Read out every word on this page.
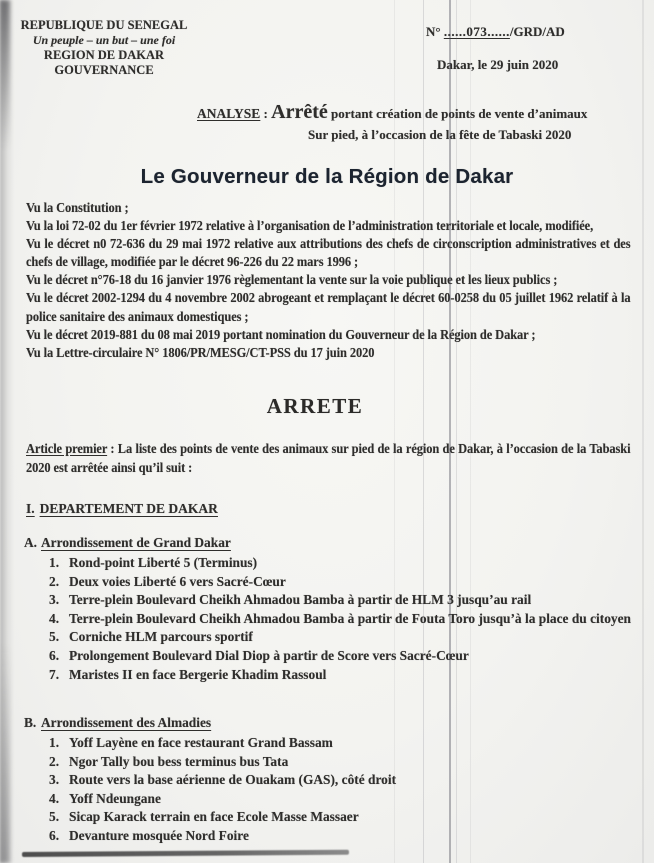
REPUBLIQUE DU SENEGAL
Un peuple – un but – une foi
REGION DE DAKAR
GOUVERNANCE
N° ......073....../GRD/AD
Dakar, le 29 juin 2020
ANALYSE : Arrêté portant création de points de vente d’animaux
Sur pied, à l’occasion de la fête de Tabaski 2020
Le Gouverneur de la Région de Dakar

Vu la Constitution ;

Vu la loi 72-02 du 1er février 1972 relative à l’organisation de l’administration territoriale et locale, modifiée,

Vu le décret n0 72-636 du 29 mai 1972 relative aux attributions des chefs de circonscription administratives et des chefs de village, modifiée par le décret 96-226 du 22 mars 1996 ;

Vu le décret n°76-18 du 16 janvier 1976 règlementant la vente sur la voie publique et les lieux publics ;

Vu le décret 2002-1294 du 4 novembre 2002 abrogeant et remplaçant le décret 60-0258 du 05 juillet 1962 relatif à la police sanitaire des animaux domestiques ;

Vu le décret 2019-881 du 08 mai 2019 portant nomination du Gouverneur de la Région de Dakar ;

Vu la Lettre-circulaire N° 1806/PR/MESG/CT-PSS du 17 juin 2020

ARRETE

Article premier : La liste des points de vente des animaux sur pied de la région de Dakar, à l’occasion de la Tabaski 2020 est arrêtée ainsi qu’il suit :

I. DEPARTEMENT DE DAKAR
A. Arrondissement de Grand Dakar
Rond-point Liberté 5 (Terminus)
Deux voies Liberté 6 vers Sacré-Cœur
Terre-plein Boulevard Cheikh Ahmadou Bamba à partir de HLM 3 jusqu’au rail
Terre-plein Boulevard Cheikh Ahmadou Bamba à partir de Fouta Toro jusqu’à la place du citoyen
Corniche HLM parcours sportif
Prolongement Boulevard Dial Diop à partir de Score vers Sacré-Cœur
Maristes II en face Bergerie Khadim Rassoul
B. Arrondissement des Almadies
Yoff Layène en face restaurant Grand Bassam
Ngor Tally bou bess terminus bus Tata
Route vers la base aérienne de Ouakam (GAS), côté droit
Yoff Ndeungane
Sicap Karack terrain en face Ecole Masse Massaer
Devanture mosquée Nord Foire
